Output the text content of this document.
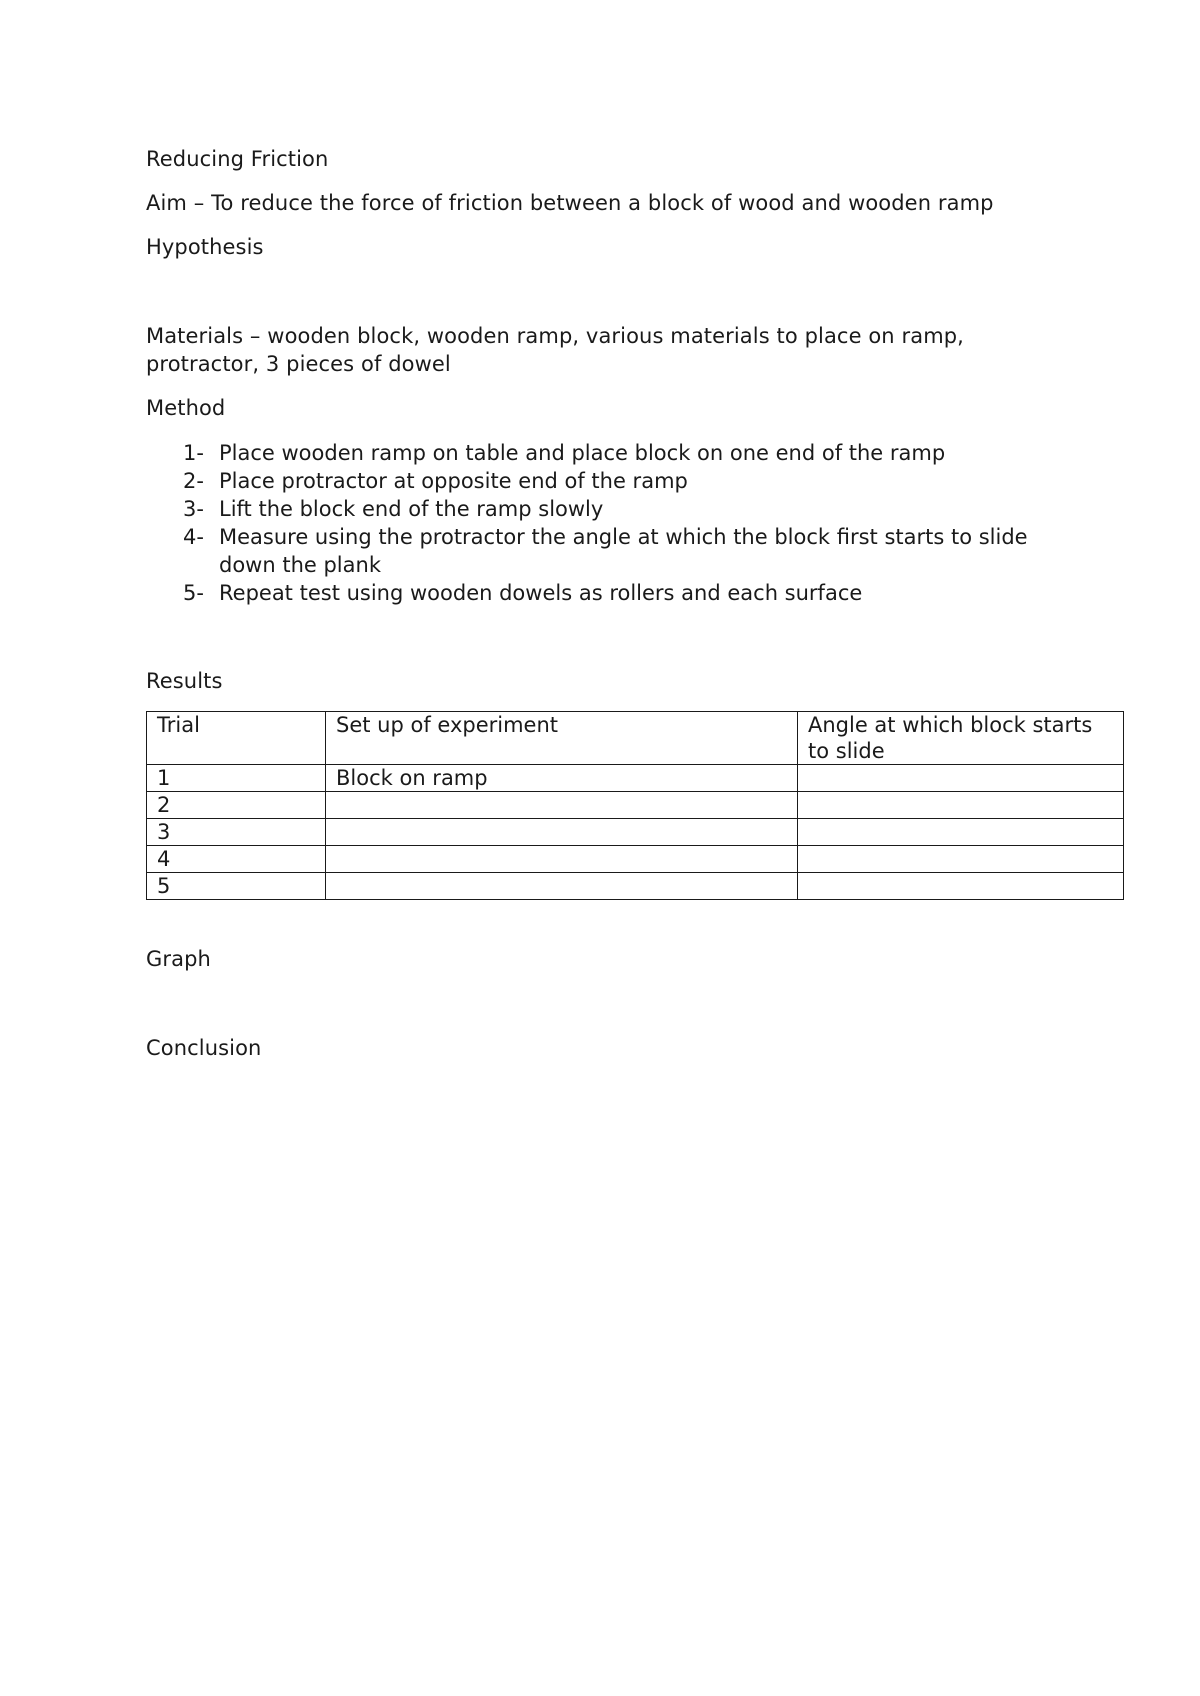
Reducing Friction
Aim – To reduce the force of friction between a block of wood and wooden ramp
Hypothesis
Materials – wooden block, wooden ramp, various materials to place on ramp,
protractor, 3 pieces of dowel
Method
1- Place wooden ramp on table and place block on one end of the ramp
2- Place protractor at opposite end of the ramp
3- Lift the block end of the ramp slowly
4- Measure using the protractor the angle at which the block first starts to slide down the plank
5- Repeat test using wooden dowels as rollers and each surface
Results
Trial	Set up of experiment	Angle at which block starts to slide
1	Block on ramp	
2		
3		
4		
5		
Graph
Conclusion
